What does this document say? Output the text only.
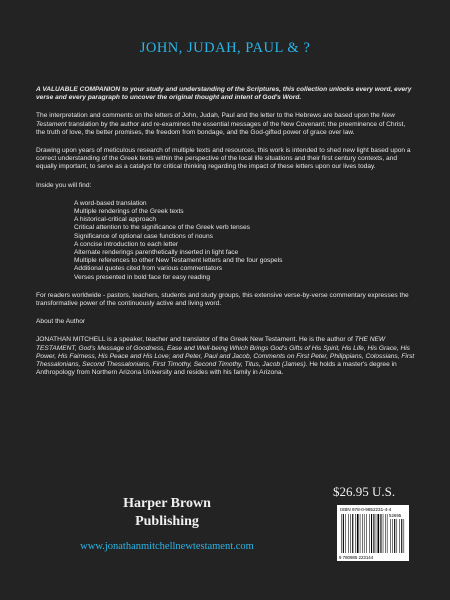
JOHN, JUDAH, PAUL & ?

A VALUABLE COMPANION to your study and understanding of the Scriptures, this collection unlocks every word, every verse and every paragraph to uncover the original thought and intent of God's Word.

The interpretation and comments on the letters of John, Judah, Paul and the letter to the Hebrews are based upon the New Testament translation by the author and re-examines the essential messages of the New Covenant; the preeminence of Christ, the truth of love, the better promises, the freedom from bondage, and the God-gifted power of grace over law.

Drawing upon years of meticulous research of multiple texts and resources, this work is intended to shed new light based upon a correct understanding of the Greek texts within the perspective of the local life situations and their first century contexts, and equally important, to serve as a catalyst for critical thinking regarding the impact of these letters upon our lives today.

Inside you will find:

A word-based translation
Multiple renderings of the Greek texts
A historical-critical approach
Critical attention to the significance of the Greek verb tenses
Significance of optional case functions of nouns
A concise introduction to each letter
Alternate renderings parenthetically inserted in light face
Multiple references to other New Testament letters and the four gospels
Additional quotes cited from various commentators
Verses presented in bold face for easy reading

For readers worldwide - pastors, teachers, students and study groups, this extensive verse-by-verse commentary expresses the transformative power of the continuously active and living word.

About the Author

JONATHAN MITCHELL is a speaker, teacher and translator of the Greek New Testament. He is the author of THE NEW TESTAMENT, God's Message of Goodness, Ease and Well-being Which Brings God's Gifts of His Spirit, His Life, His Grace, His Power, His Fairness, His Peace and His Love; and Peter, Paul and Jacob, Comments on First Peter, Philippians, Colossians, First Thessalonians, Second Thessalonians, First Timothy, Second Timothy, Titus, Jacob (James). He holds a master's degree in Anthropology from Northern Arizona University and resides with his family in Arizona.

$26.95 U.S.
Harper Brown
Publishing
www.jonathanmitchellnewtestament.com
ISBN 978-0-9852231-4-4
52695
9 780985 223144
